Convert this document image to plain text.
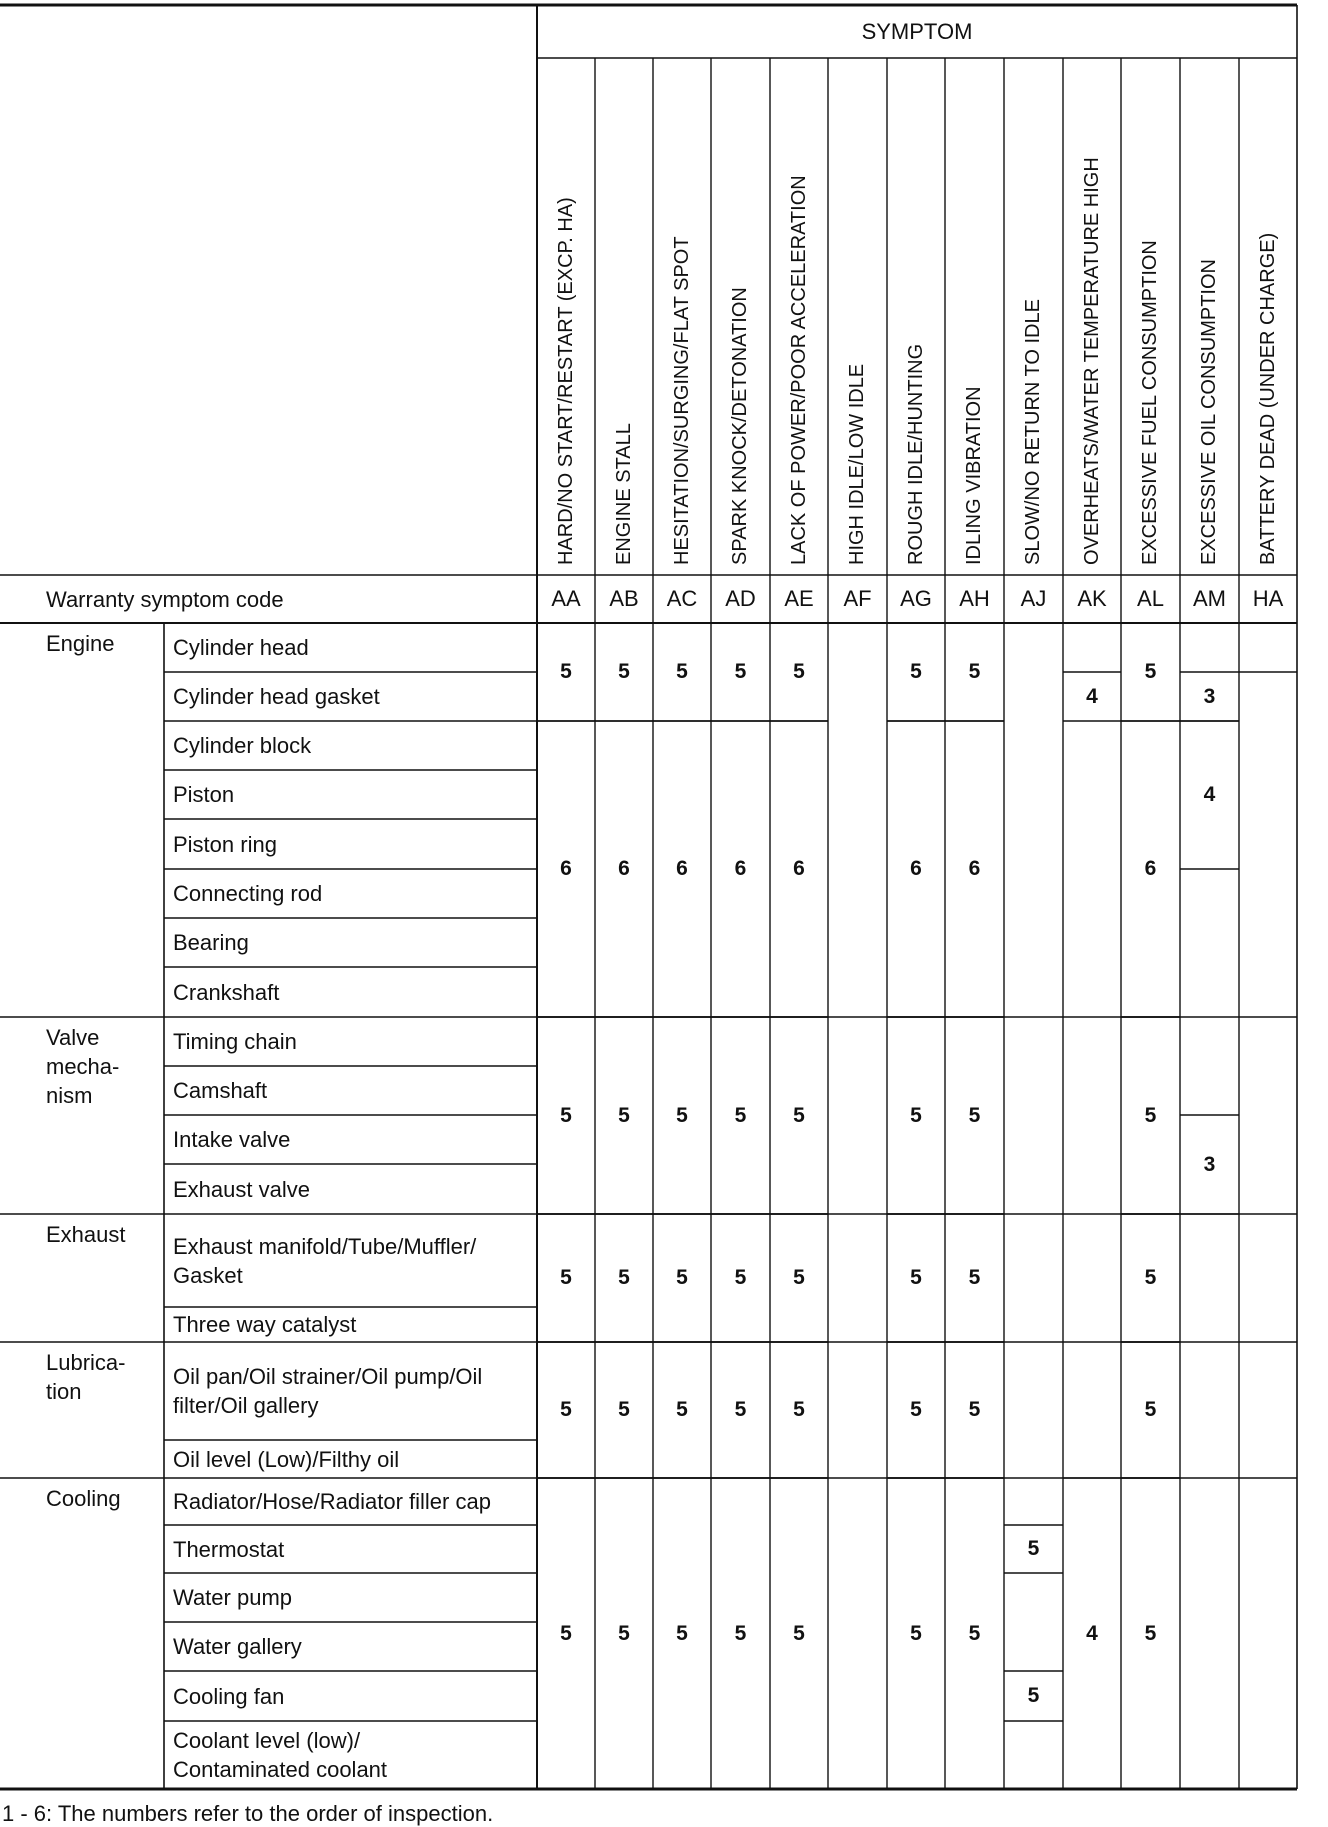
SYMPTOM
Warranty symptom code
HARD/NO START/RESTART (EXCP. HA)
AA
ENGINE STALL
AB
HESITATION/SURGING/FLAT SPOT
AC
SPARK KNOCK/DETONATION
AD
LACK OF POWER/POOR ACCELERATION
AE
HIGH IDLE/LOW IDLE
AF
ROUGH IDLE/HUNTING
AG
IDLING VIBRATION
AH
SLOW/NO RETURN TO IDLE
AJ
OVERHEATS/WATER TEMPERATURE HIGH
AK
EXCESSIVE FUEL CONSUMPTION
AL
EXCESSIVE OIL CONSUMPTION
AM
BATTERY DEAD (UNDER CHARGE)
HA
Engine	Cylinder head
Cylinder head gasket
Cylinder block
Piston
Piston ring
Connecting rod
Bearing
Crankshaft
Valve
mecha-
nism
Timing chain
Camshaft
Intake valve
Exhaust valve
Exhaust Exhaust manifold/Tube/Muffler/
Gasket
Three way catalyst
Lubrica-
tion
Oil pan/Oil strainer/Oil pump/Oil
filter/Oil gallery
Oil level (Low)/Filthy oil
Cooling Radiator/Hose/Radiator filler cap
Thermostat
Water pump
Water gallery
Cooling fan
Coolant level (low)/
Contaminated coolant
5
6
5
5
5
5
5
6
5
5
5
5
5
6
5
5
5
5
5
6
5
5
5
5
5
6
5
5
5
5
5
6
5
5
5
5
5
6
5
5
5
5
5
5
4
4
5
6
5
5
5
5
3
4
3
1 - 6: The numbers refer to the order of inspection.
